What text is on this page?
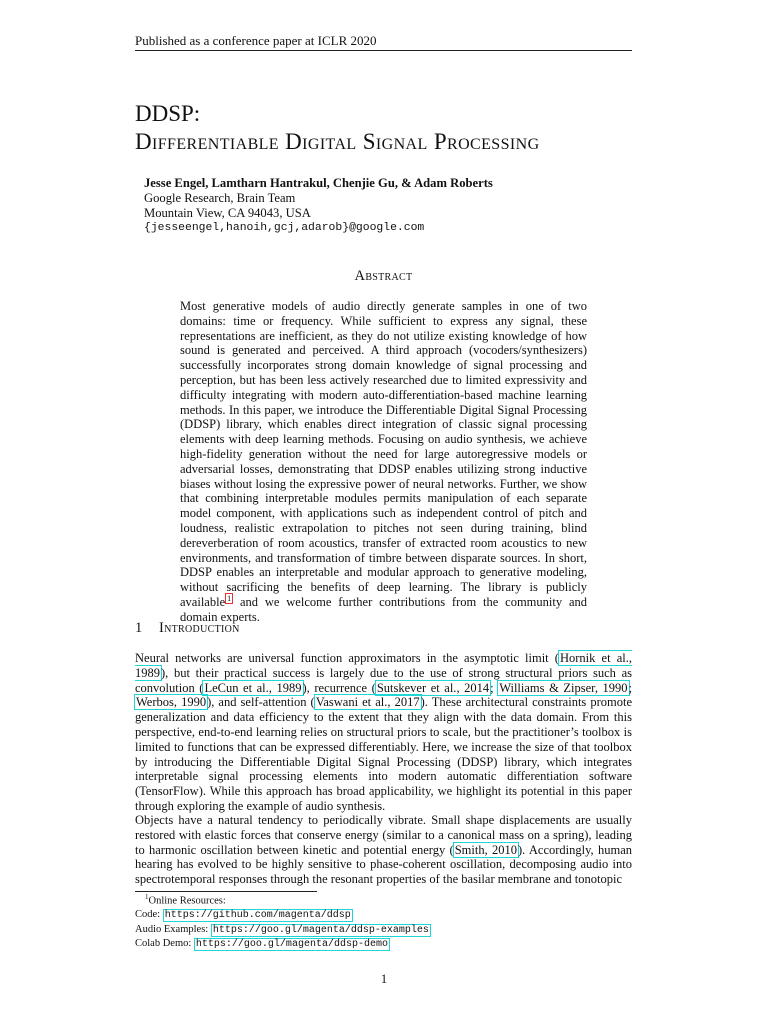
Published as a conference paper at ICLR 2020
DDSP:
Differentiable Digital Signal Processing
Jesse Engel, Lamtharn Hantrakul, Chenjie Gu, & Adam Roberts
Google Research, Brain Team
Mountain View, CA 94043, USA
{jesseengel,hanoih,gcj,adarob}@google.com
Abstract
Most generative models of audio directly generate samples in one of two domains: time or frequency. While sufficient to express any signal, these representations are inefficient, as they do not utilize existing knowledge of how sound is generated and perceived. A third approach (vocoders/synthesizers) successfully incorporates strong domain knowledge of signal processing and perception, but has been less actively researched due to limited expressivity and difficulty integrating with modern auto-differentiation-based machine learning methods. In this paper, we introduce the Differentiable Digital Signal Processing (DDSP) library, which enables direct integration of classic signal processing elements with deep learning methods. Focusing on audio synthesis, we achieve high-fidelity generation without the need for large autoregressive models or adversarial losses, demonstrating that DDSP enables utilizing strong inductive biases without losing the expressive power of neural networks. Further, we show that combining interpretable modules permits manipulation of each separate model component, with applications such as independent control of pitch and loudness, realistic extrapolation to pitches not seen during training, blind dereverberation of room acoustics, transfer of extracted room acoustics to new environments, and transformation of timbre between disparate sources. In short, DDSP enables an interpretable and modular approach to generative modeling, without sacrificing the benefits of deep learning. The library is publicly available $^1$ and we welcome further contributions from the community and domain experts.
1 Introduction
Neural networks are universal function approximators in the asymptotic limit (Hornik et al., 1989), but their practical success is largely due to the use of strong structural priors such as convolution (LeCun et al., 1989), recurrence (Sutskever et al., 2014; Williams & Zipser, 1990; Werbos, 1990), and self-attention (Vaswani et al., 2017). These architectural constraints promote generalization and data efficiency to the extent that they align with the data domain. From this perspective, end-to-end learning relies on structural priors to scale, but the practitioner’s toolbox is limited to functions that can be expressed differentiably. Here, we increase the size of that toolbox by introducing the Differentiable Digital Signal Processing (DDSP) library, which integrates interpretable signal processing elements into modern automatic differentiation software (TensorFlow). While this approach has broad applicability, we highlight its potential in this paper through exploring the example of audio synthesis.
Objects have a natural tendency to periodically vibrate. Small shape displacements are usually restored with elastic forces that conserve energy (similar to a canonical mass on a spring), leading to harmonic oscillation between kinetic and potential energy (Smith, 2010). Accordingly, human hearing has evolved to be highly sensitive to phase-coherent oscillation, decomposing audio into spectrotemporal responses through the resonant properties of the basilar membrane and tonotopic
$^1$Online Resources:
Code: https://github.com/magenta/ddsp
Audio Examples: https://goo.gl/magenta/ddsp-examples
Colab Demo: https://goo.gl/magenta/ddsp-demo
1
